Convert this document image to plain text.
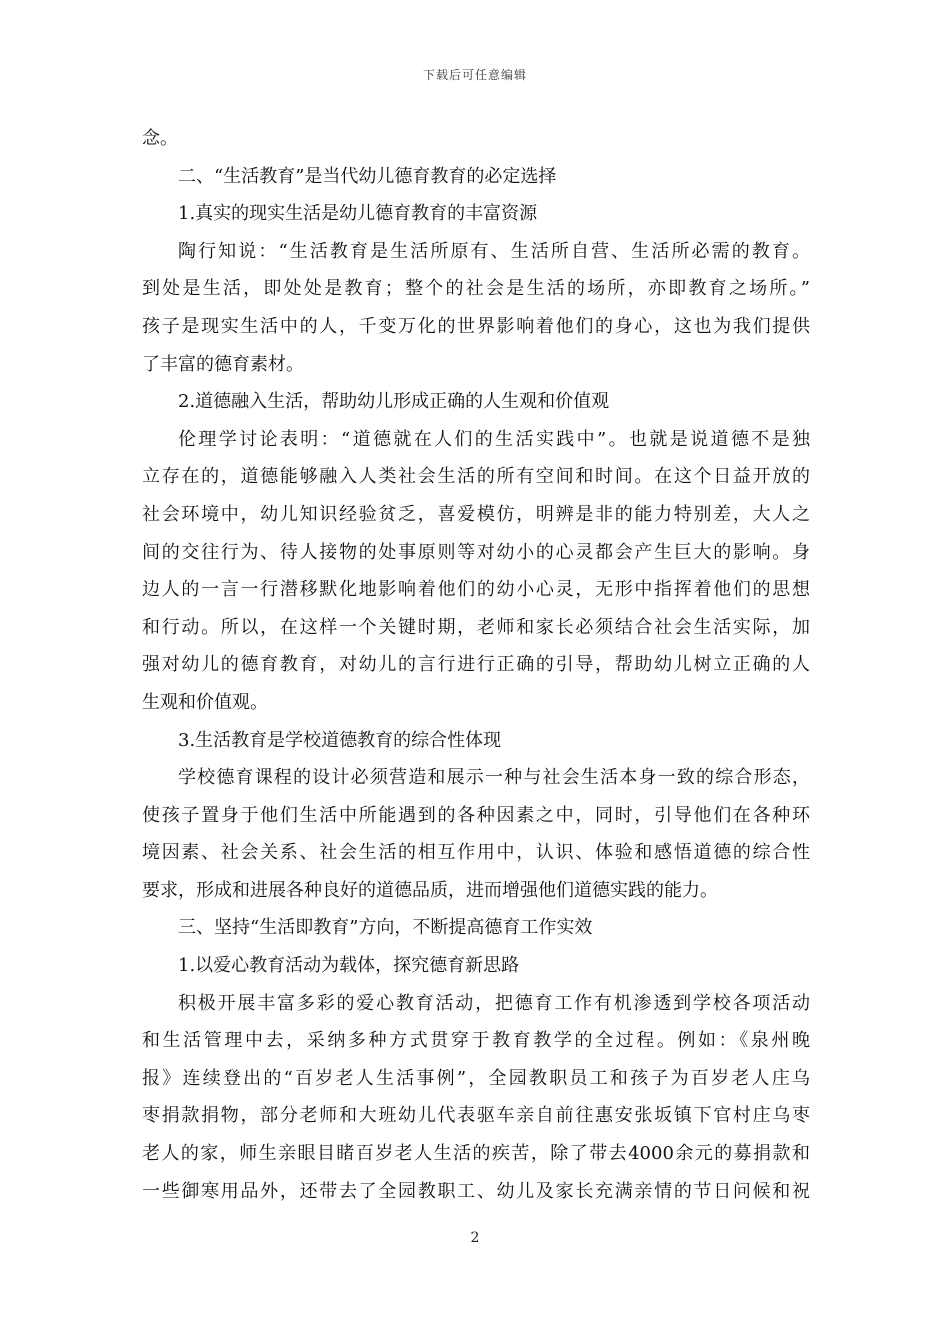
下载后可任意编辑
念。
二、“生活教育”是当代幼儿德育教育的必定选择
1.真实的现实生活是幼儿德育教育的丰富资源
陶行知说：“生活教育是生活所原有、生活所自营、生活所必需的教育。
到处是生活，即处处是教育；整个的社会是生活的场所，亦即教育之场所。”
孩子是现实生活中的人，千变万化的世界影响着他们的身心，这也为我们提供
了丰富的德育素材。
2.道德融入生活，帮助幼儿形成正确的人生观和价值观
伦理学讨论表明：“道德就在人们的生活实践中”。也就是说道德不是独
立存在的，道德能够融入人类社会生活的所有空间和时间。在这个日益开放的
社会环境中，幼儿知识经验贫乏，喜爱模仿，明辨是非的能力特别差，大人之
间的交往行为、待人接物的处事原则等对幼小的心灵都会产生巨大的影响。身
边人的一言一行潜移默化地影响着他们的幼小心灵，无形中指挥着他们的思想
和行动。所以，在这样一个关键时期，老师和家长必须结合社会生活实际，加
强对幼儿的德育教育，对幼儿的言行进行正确的引导，帮助幼儿树立正确的人
生观和价值观。
3.生活教育是学校道德教育的综合性体现
学校德育课程的设计必须营造和展示一种与社会生活本身一致的综合形态，
使孩子置身于他们生活中所能遇到的各种因素之中，同时，引导他们在各种环
境因素、社会关系、社会生活的相互作用中，认识、体验和感悟道德的综合性
要求，形成和进展各种良好的道德品质，进而增强他们道德实践的能力。
三、坚持“生活即教育”方向，不断提高德育工作实效
1.以爱心教育活动为载体，探究德育新思路
积极开展丰富多彩的爱心教育活动，把德育工作有机渗透到学校各项活动
和生活管理中去，采纳多种方式贯穿于教育教学的全过程。例如：《泉州晚
报》连续登出的“百岁老人生活事例”，全园教职员工和孩子为百岁老人庄乌
枣捐款捐物，部分老师和大班幼儿代表驱车亲自前往惠安张坂镇下官村庄乌枣
老人的家，师生亲眼目睹百岁老人生活的疾苦，除了带去4000余元的募捐款和
一些御寒用品外，还带去了全园教职工、幼儿及家长充满亲情的节日问候和祝
2
